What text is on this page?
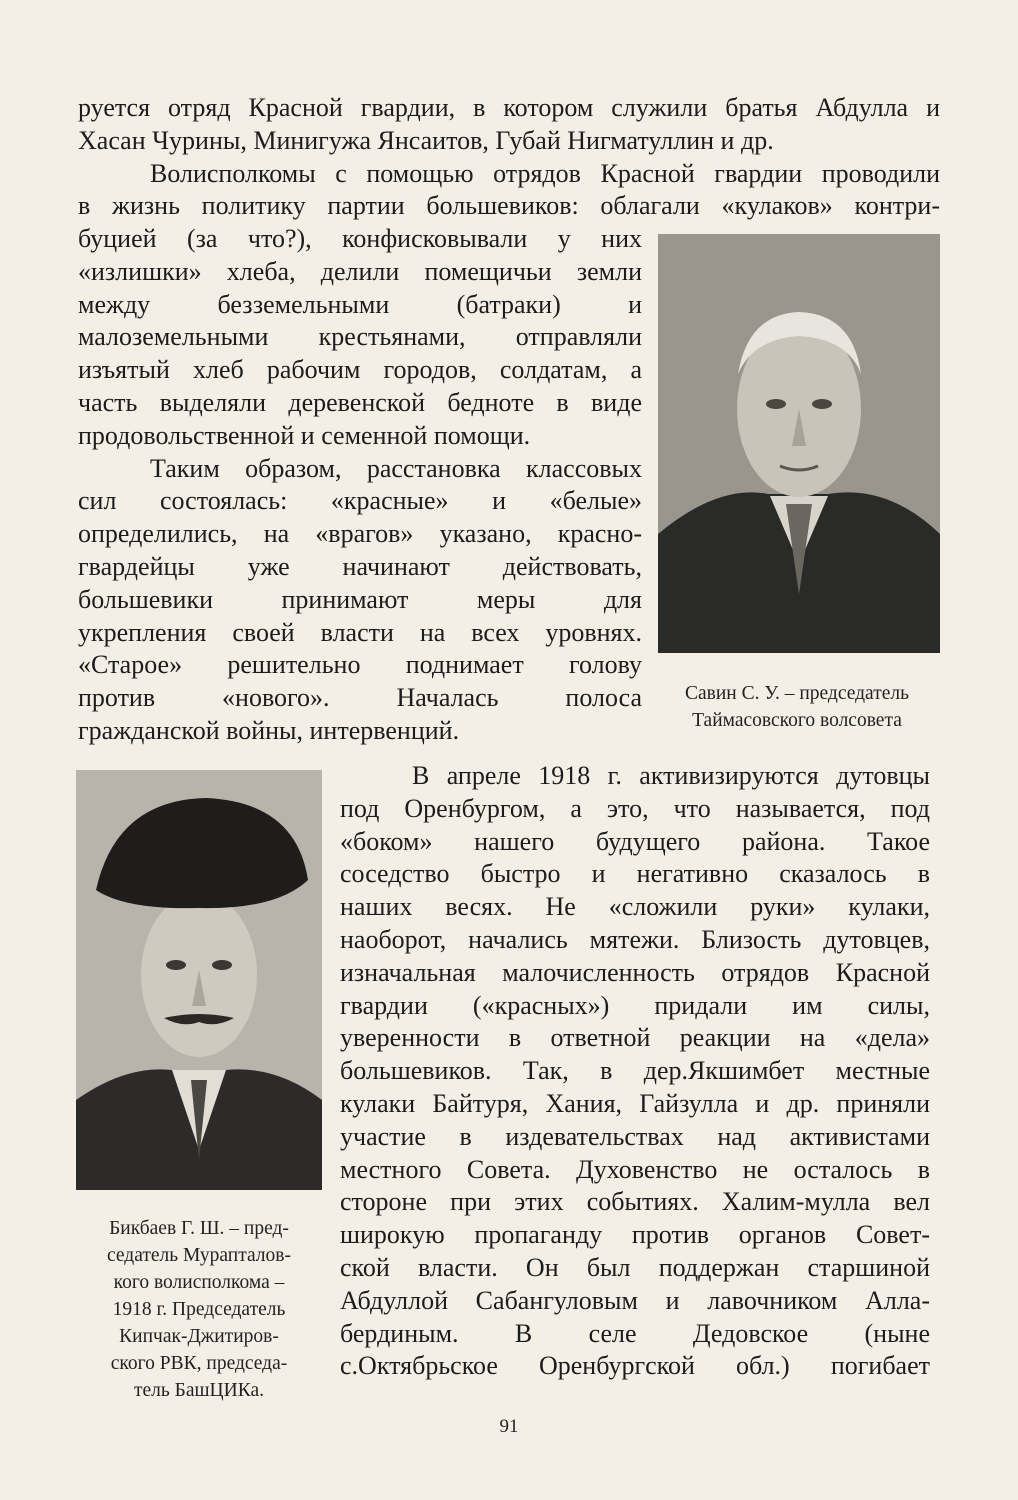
руется отряд Красной гвардии, в котором служили братья Абдулла и
Хасан Чурины, Минигужа Янсаитов, Губай Нигматуллин и др.
Волисполкомы с помощью отрядов Красной гвардии проводили
в жизнь политику партии большевиков: облагали «кулаков» контри-
буцией (за что?), конфисковывали у них
«излишки» хлеба, делили помещичьи земли
между безземельными (батраки) и
малоземельными крестьянами, отправляли
изъятый хлеб рабочим городов, солдатам, а
часть выделяли деревенской бедноте в виде
продовольственной и семенной помощи.
Таким образом, расстановка классовых
сил состоялась: «красные» и «белые»
определились, на «врагов» указано, красно-
гвардейцы уже начинают действовать,
большевики принимают меры для
укрепления своей власти на всех уровнях.
«Старое» решительно поднимает голову
против «нового». Началась полоса
гражданской войны, интервенций.
Савин С. У. – председатель
Таймасовского волсовета
Бикбаев Г. Ш. – пред-
седатель Мурапталов-
кого волисполкома –
1918 г. Председатель
Кипчак-Джитиров-
ского РВК, председа-
тель БашЦИКа.
В апреле 1918 г. активизируются дутовцы
под Оренбургом, а это, что называется, под
«боком» нашего будущего района. Такое
соседство быстро и негативно сказалось в
наших весях. Не «сложили руки» кулаки,
наоборот, начались мятежи. Близость дутовцев,
изначальная малочисленность отрядов Красной
гвардии («красных») придали им силы,
уверенности в ответной реакции на «дела»
большевиков. Так, в дер.Якшимбет местные
кулаки Байтуря, Хания, Гайзулла и др. приняли
участие в издевательствах над активистами
местного Совета. Духовенство не осталось в
стороне при этих событиях. Халим-мулла вел
широкую пропаганду против органов Совет-
ской власти. Он был поддержан старшиной
Абдуллой Сабангуловым и лавочником Алла-
бердиным. В селе Дедовское (ныне
с.Октябрьское Оренбургской обл.) погибает
91
